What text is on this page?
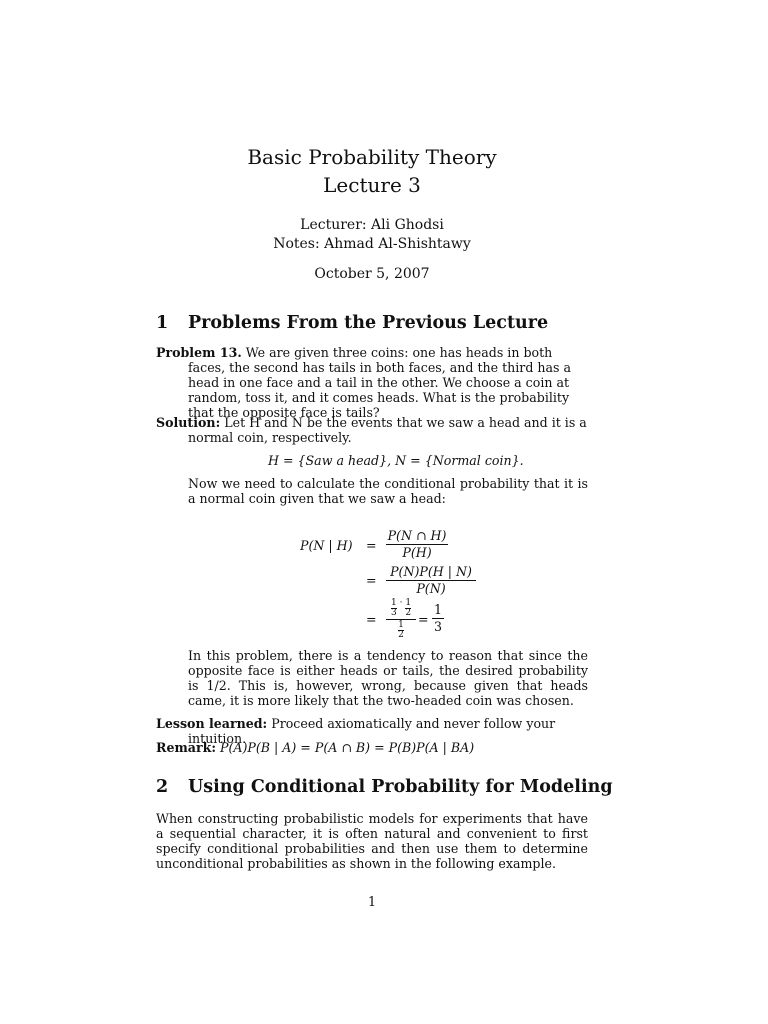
Basic Probability Theory
Lecture 3
Lecturer: Ali Ghodsi
Notes: Ahmad Al-Shishtawy
October 5, 2007
1 Problems From the Previous Lecture
Problem 13. We are given three coins: one has heads in both faces, the second has tails in both faces, and the third has a head in one face and a tail in the other. We choose a coin at random, toss it, and it comes heads. What is the probability that the opposite face is tails?
Solution: Let H and N be the events that we saw a head and it is a normal coin, respectively.
H = {Saw a head}, N = {Normal coin}.
Now we need to calculate the conditional probability that it is a normal coin given that we saw a head:
P(N | H) =
P(N ∩ H)
P(H)
=
P(N)P(H | N)
P(N)
=
$\frac{1}{3} \cdot \frac{1}{2}$
$\frac{1}{2}$
=
1
3
In this problem, there is a tendency to reason that since the opposite face is either heads or tails, the desired probability is 1/2. This is, however, wrong, because given that heads came, it is more likely that the two-headed coin was chosen.
Lesson learned: Proceed axiomatically and never follow your intuition.
Remark: P(A)P(B | A) = P(A ∩ B) = P(B)P(A | BA)
2 Using Conditional Probability for Modeling
When constructing probabilistic models for experiments that have a sequential character, it is often natural and convenient to first specify conditional probabilities and then use them to determine unconditional probabilities as shown in the following example.
1
